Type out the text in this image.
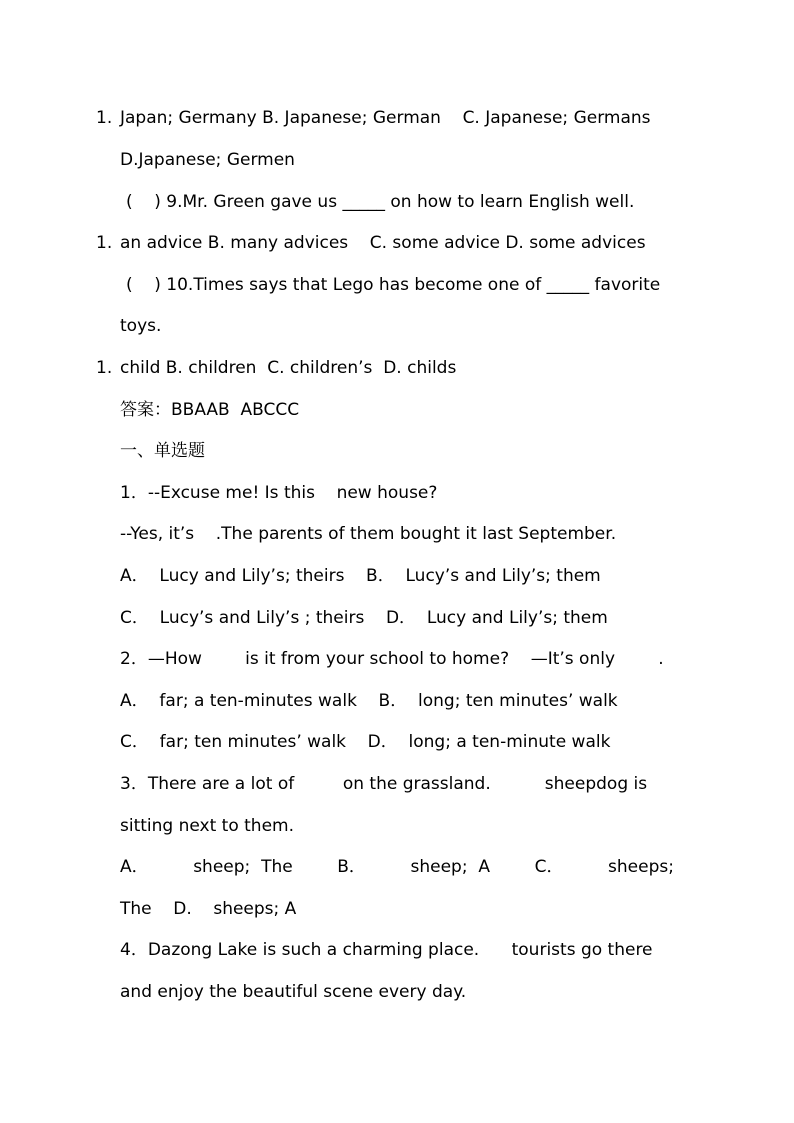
1. Japan; Germany B. Japanese; German    C. Japanese; Germans
D.Japanese; Germen
(    ) 9.Mr. Green gave us _____ on how to learn English well.
1. an advice B. many advices    C. some advice D. some advices
(    ) 10.Times says that Lego has become one of _____ favorite
toys.
1. child B. children  C. children’s  D. childs
答案：BBAAB  ABCCC
一、单选题
1．--Excuse me! Is this    new house?
--Yes, it’s    .The parents of them bought it last September.
A．  Lucy and Lily’s; theirs    B．  Lucy’s and Lily’s; them
C．  Lucy’s and Lily’s ; theirs    D．  Lucy and Lily’s; them
2．—How        is it from your school to home?    —It’s only        .
A．  far; a ten-minutes walk    B．  long; ten minutes’ walk
C．  far; ten minutes’ walk    D．  long; a ten-minute walk
3．There are a lot of         on the grassland.          sheepdog is
sitting next to them.
A．	sheep;  The	B．	sheep;  A	C．	sheeps;
The    D.    sheeps; A
4．Dazong Lake is such a charming place.      tourists go there
and enjoy the beautiful scene every day.
